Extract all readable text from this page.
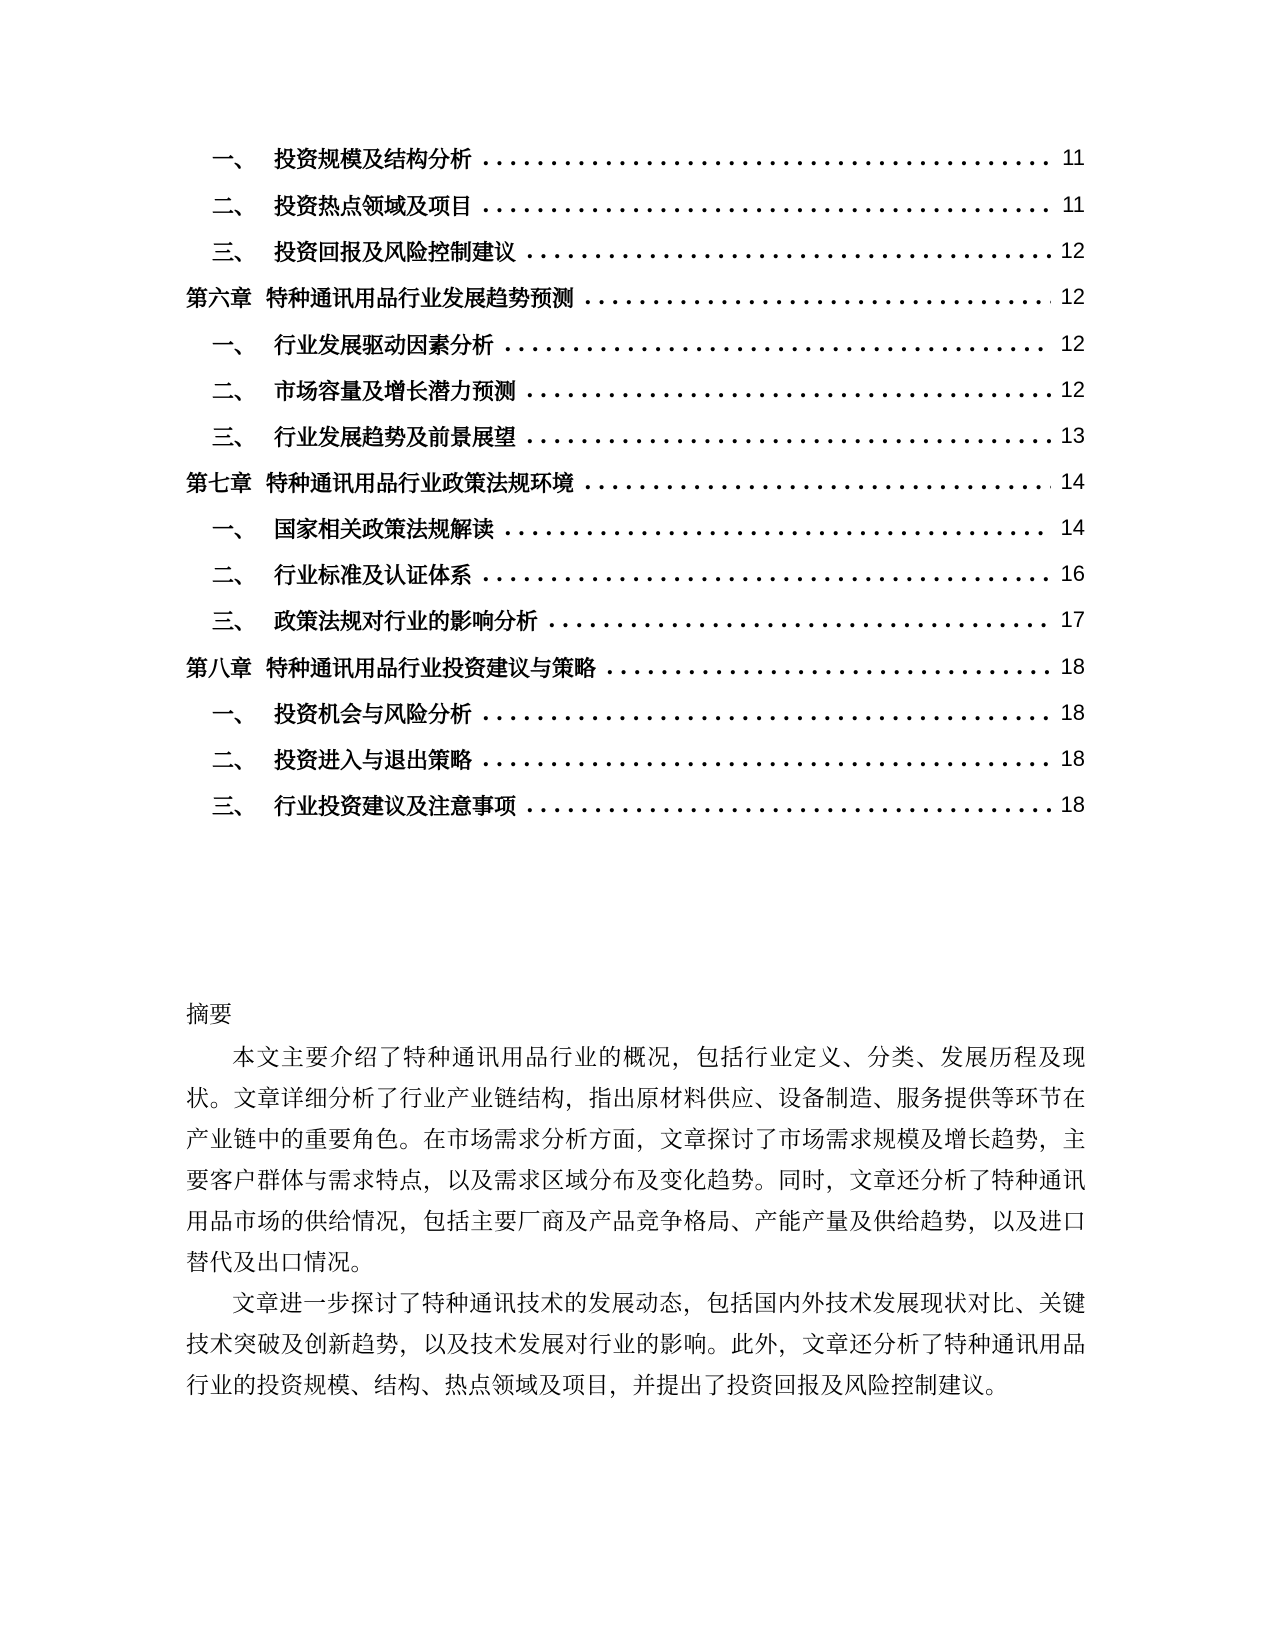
一、 投资规模及结构分析 .....	11
二、 投资热点领域及项目 .....	11
三、 投资回报及风险控制建议 .....	12
第六章 特种通讯用品行业发展趋势预测 .....	12
一、 行业发展驱动因素分析 .....	12
二、 市场容量及增长潜力预测 .....	12
三、 行业发展趋势及前景展望 .....	13
第七章 特种通讯用品行业政策法规环境 .....	14
一、 国家相关政策法规解读 .....	14
二、 行业标准及认证体系 .....	16
三、 政策法规对行业的影响分析 .....	17
第八章 特种通讯用品行业投资建议与策略 .....	18
一、 投资机会与风险分析 .....	18
二、 投资进入与退出策略 .....	18
三、 行业投资建议及注意事项 .....	18

摘要

本文主要介绍了特种通讯用品行业的概况，包括行业定义、分类、发展历程及现状。文章详细分析了行业产业链结构，指出原材料供应、设备制造、服务提供等环节在产业链中的重要角色。在市场需求分析方面，文章探讨了市场需求规模及增长趋势，主要客户群体与需求特点，以及需求区域分布及变化趋势。同时，文章还分析了特种通讯用品市场的供给情况，包括主要厂商及产品竞争格局、产能产量及供给趋势，以及进口替代及出口情况。

文章进一步探讨了特种通讯技术的发展动态，包括国内外技术发展现状对比、关键技术突破及创新趋势，以及技术发展对行业的影响。此外，文章还分析了特种通讯用品行业的投资规模、结构、热点领域及项目，并提出了投资回报及风险控制建议。
